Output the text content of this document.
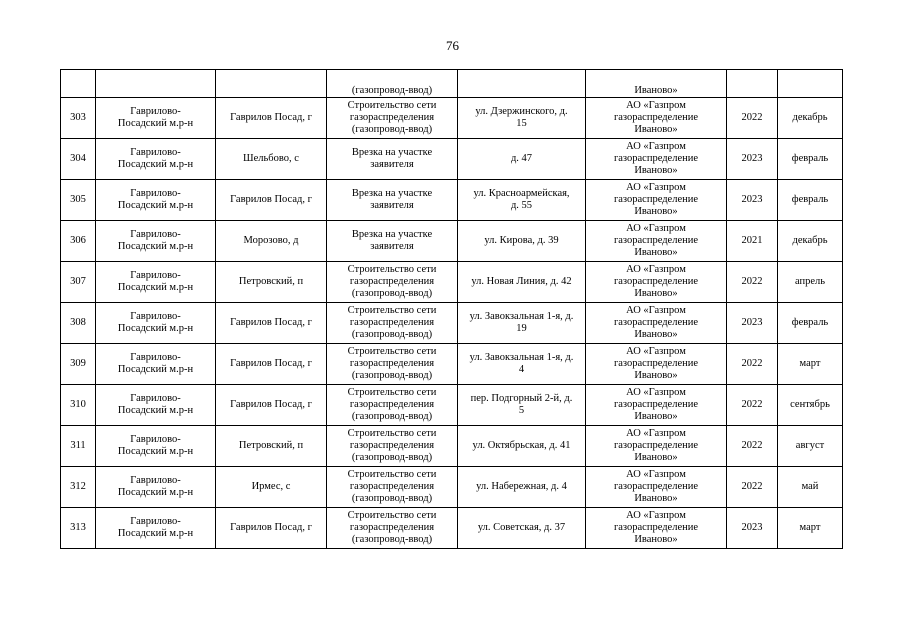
76

			(газопровод-ввод)		Иваново»		

303	Гаврилово-
Посадский м.р-н	Гаврилов Посад, г	Строительство сети
газораспределения
(газопровод-ввод)	ул. Дзержинского, д.
15	АО «Газпром
газораспределение
Иваново»	2022	декабрь

304	Гаврилово-
Посадский м.р-н	Шельбово, с	Врезка на участке
заявителя	д. 47	АО «Газпром
газораспределение
Иваново»	2023	февраль

305	Гаврилово-
Посадский м.р-н	Гаврилов Посад, г	Врезка на участке
заявителя	ул. Красноармейская,
д. 55	АО «Газпром
газораспределение
Иваново»	2023	февраль

306	Гаврилово-
Посадский м.р-н	Морозово, д	Врезка на участке
заявителя	ул. Кирова, д. 39	АО «Газпром
газораспределение
Иваново»	2021	декабрь

307	Гаврилово-
Посадский м.р-н	Петровский, п	Строительство сети
газораспределения
(газопровод-ввод)	ул. Новая Линия, д. 42	АО «Газпром
газораспределение
Иваново»	2022	апрель

308	Гаврилово-
Посадский м.р-н	Гаврилов Посад, г	Строительство сети
газораспределения
(газопровод-ввод)	ул. Завокзальная 1-я, д.
19	АО «Газпром
газораспределение
Иваново»	2023	февраль

309	Гаврилово-
Посадский м.р-н	Гаврилов Посад, г	Строительство сети
газораспределения
(газопровод-ввод)	ул. Завокзальная 1-я, д.
4	АО «Газпром
газораспределение
Иваново»	2022	март

310	Гаврилово-
Посадский м.р-н	Гаврилов Посад, г	Строительство сети
газораспределения
(газопровод-ввод)	пер. Подгорный 2-й, д.
5	АО «Газпром
газораспределение
Иваново»	2022	сентябрь

311	Гаврилово-
Посадский м.р-н	Петровский, п	Строительство сети
газораспределения
(газопровод-ввод)	ул. Октябрьская, д. 41	АО «Газпром
газораспределение
Иваново»	2022	август

312	Гаврилово-
Посадский м.р-н	Ирмес, с	Строительство сети
газораспределения
(газопровод-ввод)	ул. Набережная, д. 4	АО «Газпром
газораспределение
Иваново»	2022	май

313	Гаврилово-
Посадский м.р-н	Гаврилов Посад, г	Строительство сети
газораспределения
(газопровод-ввод)	ул. Советская, д. 37	АО «Газпром
газораспределение
Иваново»	2023	март
